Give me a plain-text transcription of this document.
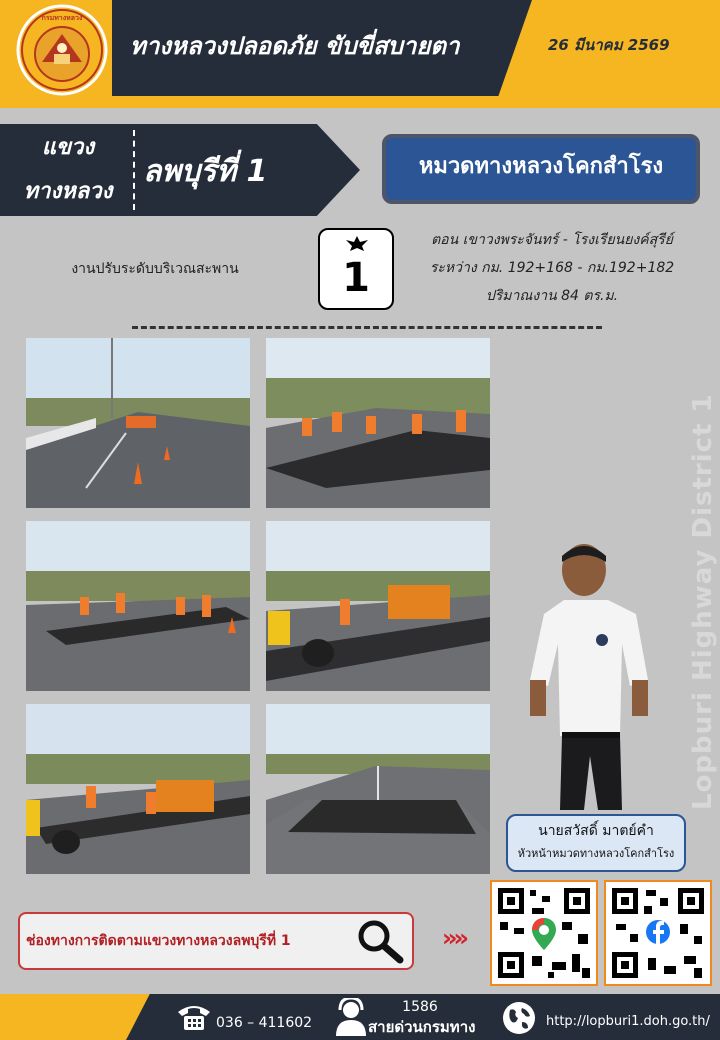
ทางหลวงปลอดภัย ขับขี่สบายตา	26 มีนาคม 2569
กรมทางหลวง
แขวง
ทางหลวง
ลพบุรีที่ 1	หมวดทางหลวงโคกสำโรง
งานปรับระดับบริเวณสะพาน	1
ตอน เขาวงพระจันทร์ - โรงเรียนยงค์สุรีย์
ระหว่าง กม. 192+168 - กม.192+182
ปริมาณงาน 84 ตร.ม.
Lopburi Highway District 1
นายสวัสดิ์ มาตย์คำ
หัวหน้าหมวดทางหลวงโคกสำโรง
ช่องทางการติดตามแขวงทางหลวงลพบุรีที่ 1	»»
036 – 411602
1586
สายด่วนกรมทาง	http://lopburi1.doh.go.th/
